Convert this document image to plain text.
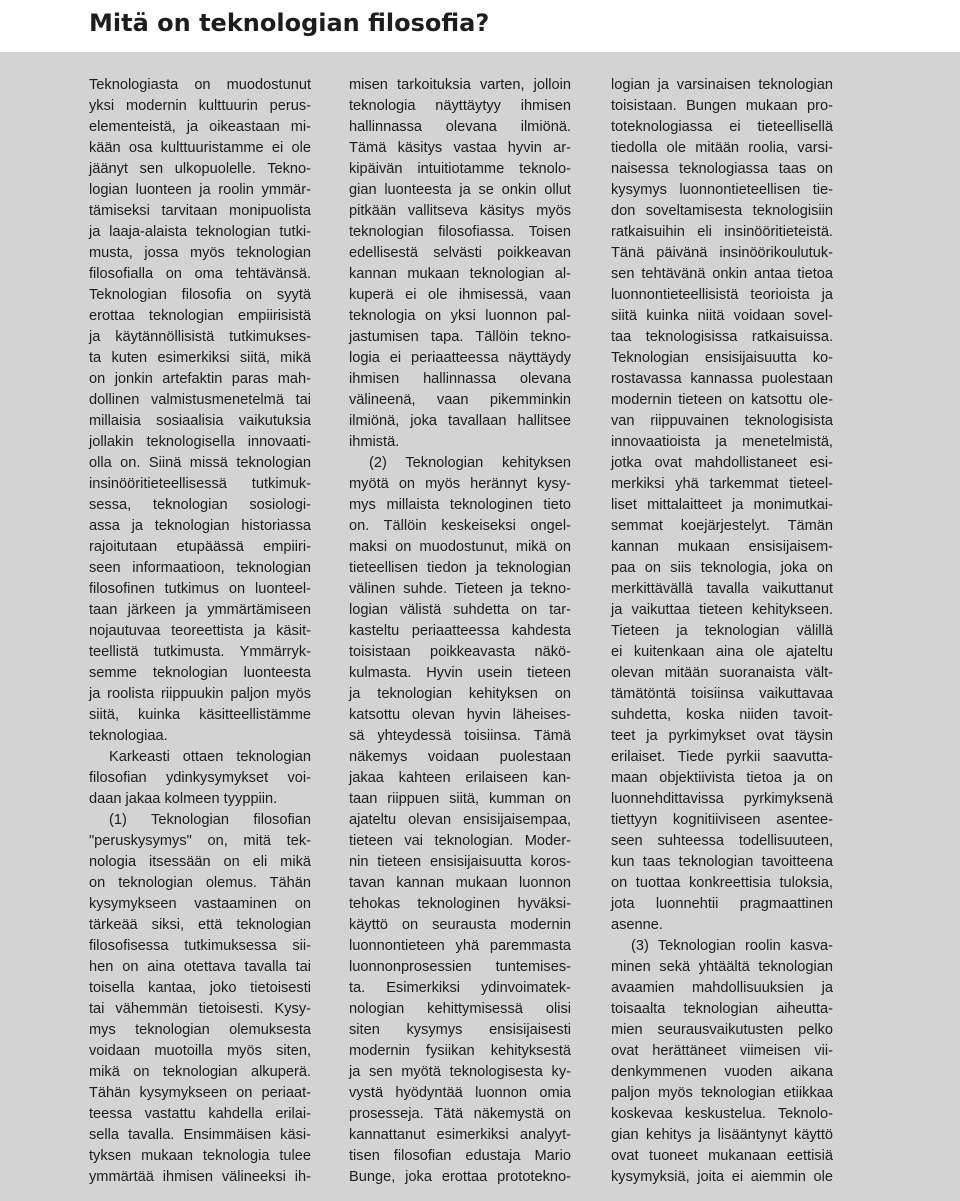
Mitä on teknologian filosofia?
Teknologiasta on muodostunut
yksi modernin kulttuurin perus-
elementeistä, ja oikeastaan mi-
kään osa kulttuuristamme ei ole
jäänyt sen ulkopuolelle. Tekno-
logian luonteen ja roolin ymmär-
tämiseksi tarvitaan monipuolista
ja laaja-alaista teknologian tutki-
musta, jossa myös teknologian
filosofialla on oma tehtävänsä.
Teknologian filosofia on syytä
erottaa teknologian empiirisistä
ja käytännöllisistä tutkimukses-
ta kuten esimerkiksi siitä, mikä
on jonkin artefaktin paras mah-
dollinen valmistusmenetelmä tai
millaisia sosiaalisia vaikutuksia
jollakin teknologisella innovaati-
olla on. Siinä missä teknologian
insinööritieteellisessä tutkimuk-
sessa, teknologian sosiologi-
assa ja teknologian historiassa
rajoitutaan etupäässä empiiri-
seen informaatioon, teknologian
filosofinen tutkimus on luonteel-
taan järkeen ja ymmärtämiseen
nojautuvaa teoreettista ja käsit-
teellistä tutkimusta. Ymmärryk-
semme teknologian luonteesta
ja roolista riippuukin paljon myös
siitä, kuinka käsitteellistämme
teknologiaa.
Karkeasti ottaen teknologian
filosofian ydinkysymykset voi-
daan jakaa kolmeen tyyppiin.
(1) Teknologian filosofian
"peruskysymys" on, mitä tek-
nologia itsessään on eli mikä
on teknologian olemus. Tähän
kysymykseen vastaaminen on
tärkeää siksi, että teknologian
filosofisessa tutkimuksessa sii-
hen on aina otettava tavalla tai
toisella kantaa, joko tietoisesti
tai vähemmän tietoisesti. Kysy-
mys teknologian olemuksesta
voidaan muotoilla myös siten,
mikä on teknologian alkuperä.
Tähän kysymykseen on periaat-
teessa vastattu kahdella erilai-
sella tavalla. Ensimmäisen käsi-
tyksen mukaan teknologia tulee
ymmärtää ihmisen välineeksi ih-
misen tarkoituksia varten, jolloin
teknologia näyttäytyy ihmisen
hallinnassa olevana ilmiönä.
Tämä käsitys vastaa hyvin ar-
kipäivän intuitiotamme teknolo-
gian luonteesta ja se onkin ollut
pitkään vallitseva käsitys myös
teknologian filosofiassa. Toisen
edellisestä selvästi poikkeavan
kannan mukaan teknologian al-
kuperä ei ole ihmisessä, vaan
teknologia on yksi luonnon pal-
jastumisen tapa. Tällöin tekno-
logia ei periaatteessa näyttäydy
ihmisen hallinnassa olevana
välineenä, vaan pikemminkin
ilmiönä, joka tavallaan hallitsee
ihmistä.
(2) Teknologian kehityksen
myötä on myös herännyt kysy-
mys millaista teknologinen tieto
on. Tällöin keskeiseksi ongel-
maksi on muodostunut, mikä on
tieteellisen tiedon ja teknologian
välinen suhde. Tieteen ja tekno-
logian välistä suhdetta on tar-
kasteltu periaatteessa kahdesta
toisistaan poikkeavasta näkö-
kulmasta. Hyvin usein tieteen
ja teknologian kehityksen on
katsottu olevan hyvin läheises-
sä yhteydessä toisiinsa. Tämä
näkemys voidaan puolestaan
jakaa kahteen erilaiseen kan-
taan riippuen siitä, kumman on
ajateltu olevan ensisijaisempaa,
tieteen vai teknologian. Moder-
nin tieteen ensisijaisuutta koros-
tavan kannan mukaan luonnon
tehokas teknologinen hyväksi-
käyttö on seurausta modernin
luonnontieteen yhä paremmasta
luonnonprosessien tuntemises-
ta. Esimerkiksi ydinvoimatek-
nologian kehittymisessä olisi
siten kysymys ensisijaisesti
modernin fysiikan kehityksestä
ja sen myötä teknologisesta ky-
vystä hyödyntää luonnon omia
prosesseja. Tätä näkemystä on
kannattanut esimerkiksi analyyt-
tisen filosofian edustaja Mario
Bunge, joka erottaa prototekno-
logian ja varsinaisen teknologian
toisistaan. Bungen mukaan pro-
toteknologiassa ei tieteellisellä
tiedolla ole mitään roolia, varsi-
naisessa teknologiassa taas on
kysymys luonnontieteellisen tie-
don soveltamisesta teknologisiin
ratkaisuihin eli insinööritieteistä.
Tänä päivänä insinöörikoulutuk-
sen tehtävänä onkin antaa tietoa
luonnontieteellisistä teorioista ja
siitä kuinka niitä voidaan sovel-
taa teknologisissa ratkaisuissa.
Teknologian ensisijaisuutta ko-
rostavassa kannassa puolestaan
modernin tieteen on katsottu ole-
van riippuvainen teknologisista
innovaatioista ja menetelmistä,
jotka ovat mahdollistaneet esi-
merkiksi yhä tarkemmat tieteel-
liset mittalaitteet ja monimutkai-
semmat koejärjestelyt. Tämän
kannan mukaan ensisijaisem-
paa on siis teknologia, joka on
merkittävällä tavalla vaikuttanut
ja vaikuttaa tieteen kehitykseen.
Tieteen ja teknologian välillä
ei kuitenkaan aina ole ajateltu
olevan mitään suoranaista vält-
tämätöntä toisiinsa vaikuttavaa
suhdetta, koska niiden tavoit-
teet ja pyrkimykset ovat täysin
erilaiset. Tiede pyrkii saavutta-
maan objektiivista tietoa ja on
luonnehdittavissa pyrkimyksenä
tiettyyn kognitiiviseen asentee-
seen suhteessa todellisuuteen,
kun taas teknologian tavoitteena
on tuottaa konkreettisia tuloksia,
jota luonnehtii pragmaattinen
asenne.
(3) Teknologian roolin kasva-
minen sekä yhtäältä teknologian
avaamien mahdollisuuksien ja
toisaalta teknologian aiheutta-
mien seurausvaikutusten pelko
ovat herättäneet viimeisen vii-
denkymmenen vuoden aikana
paljon myös teknologian etiikkaa
koskevaa keskustelua. Teknolo-
gian kehitys ja lisääntynyt käyttö
ovat tuoneet mukanaan eettisiä
kysymyksiä, joita ei aiemmin ole
